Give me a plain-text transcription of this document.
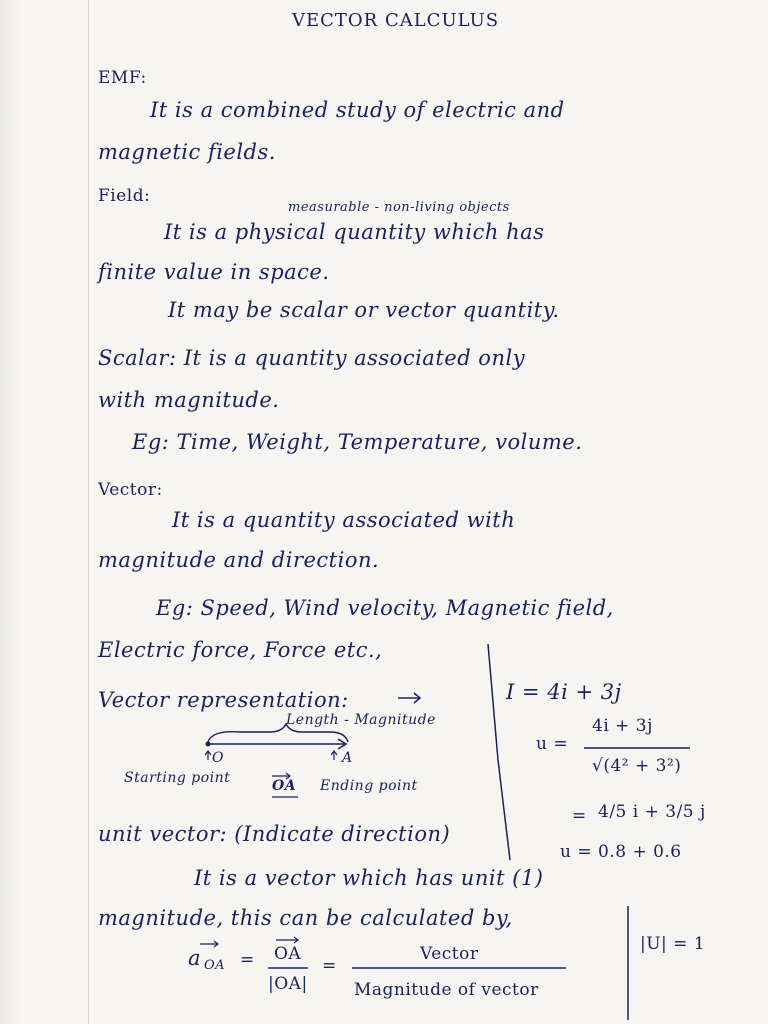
VECTOR CALCULUS
EMF:
It is a combined study of electric and
magnetic fields.
Field:
measurable - non-living objects
It is a physical quantity which has
finite value in space.
It may be scalar or vector quantity.
Scalar: It is a quantity associated only
with magnitude.
Eg: Time, Weight, Temperature, volume.
Vector:
It is a quantity associated with
magnitude and direction.
Eg: Speed, Wind velocity, Magnetic field,
Electric force, Force etc.,
Vector representation:
Length - Magnitude
O	A
Starting point	OA Ending point
unit vector: (Indicate direction)
It is a vector which has unit (1)
magnitude, this can be calculated by,
a OA = OA
|OA|
=
Vector
Magnitude of vector
I = 4i + 3j
u =
4i + 3j
√(4² + 3²)
= 4/5 i + 3/5 j
u = 0.8 + 0.6
|U| = 1
